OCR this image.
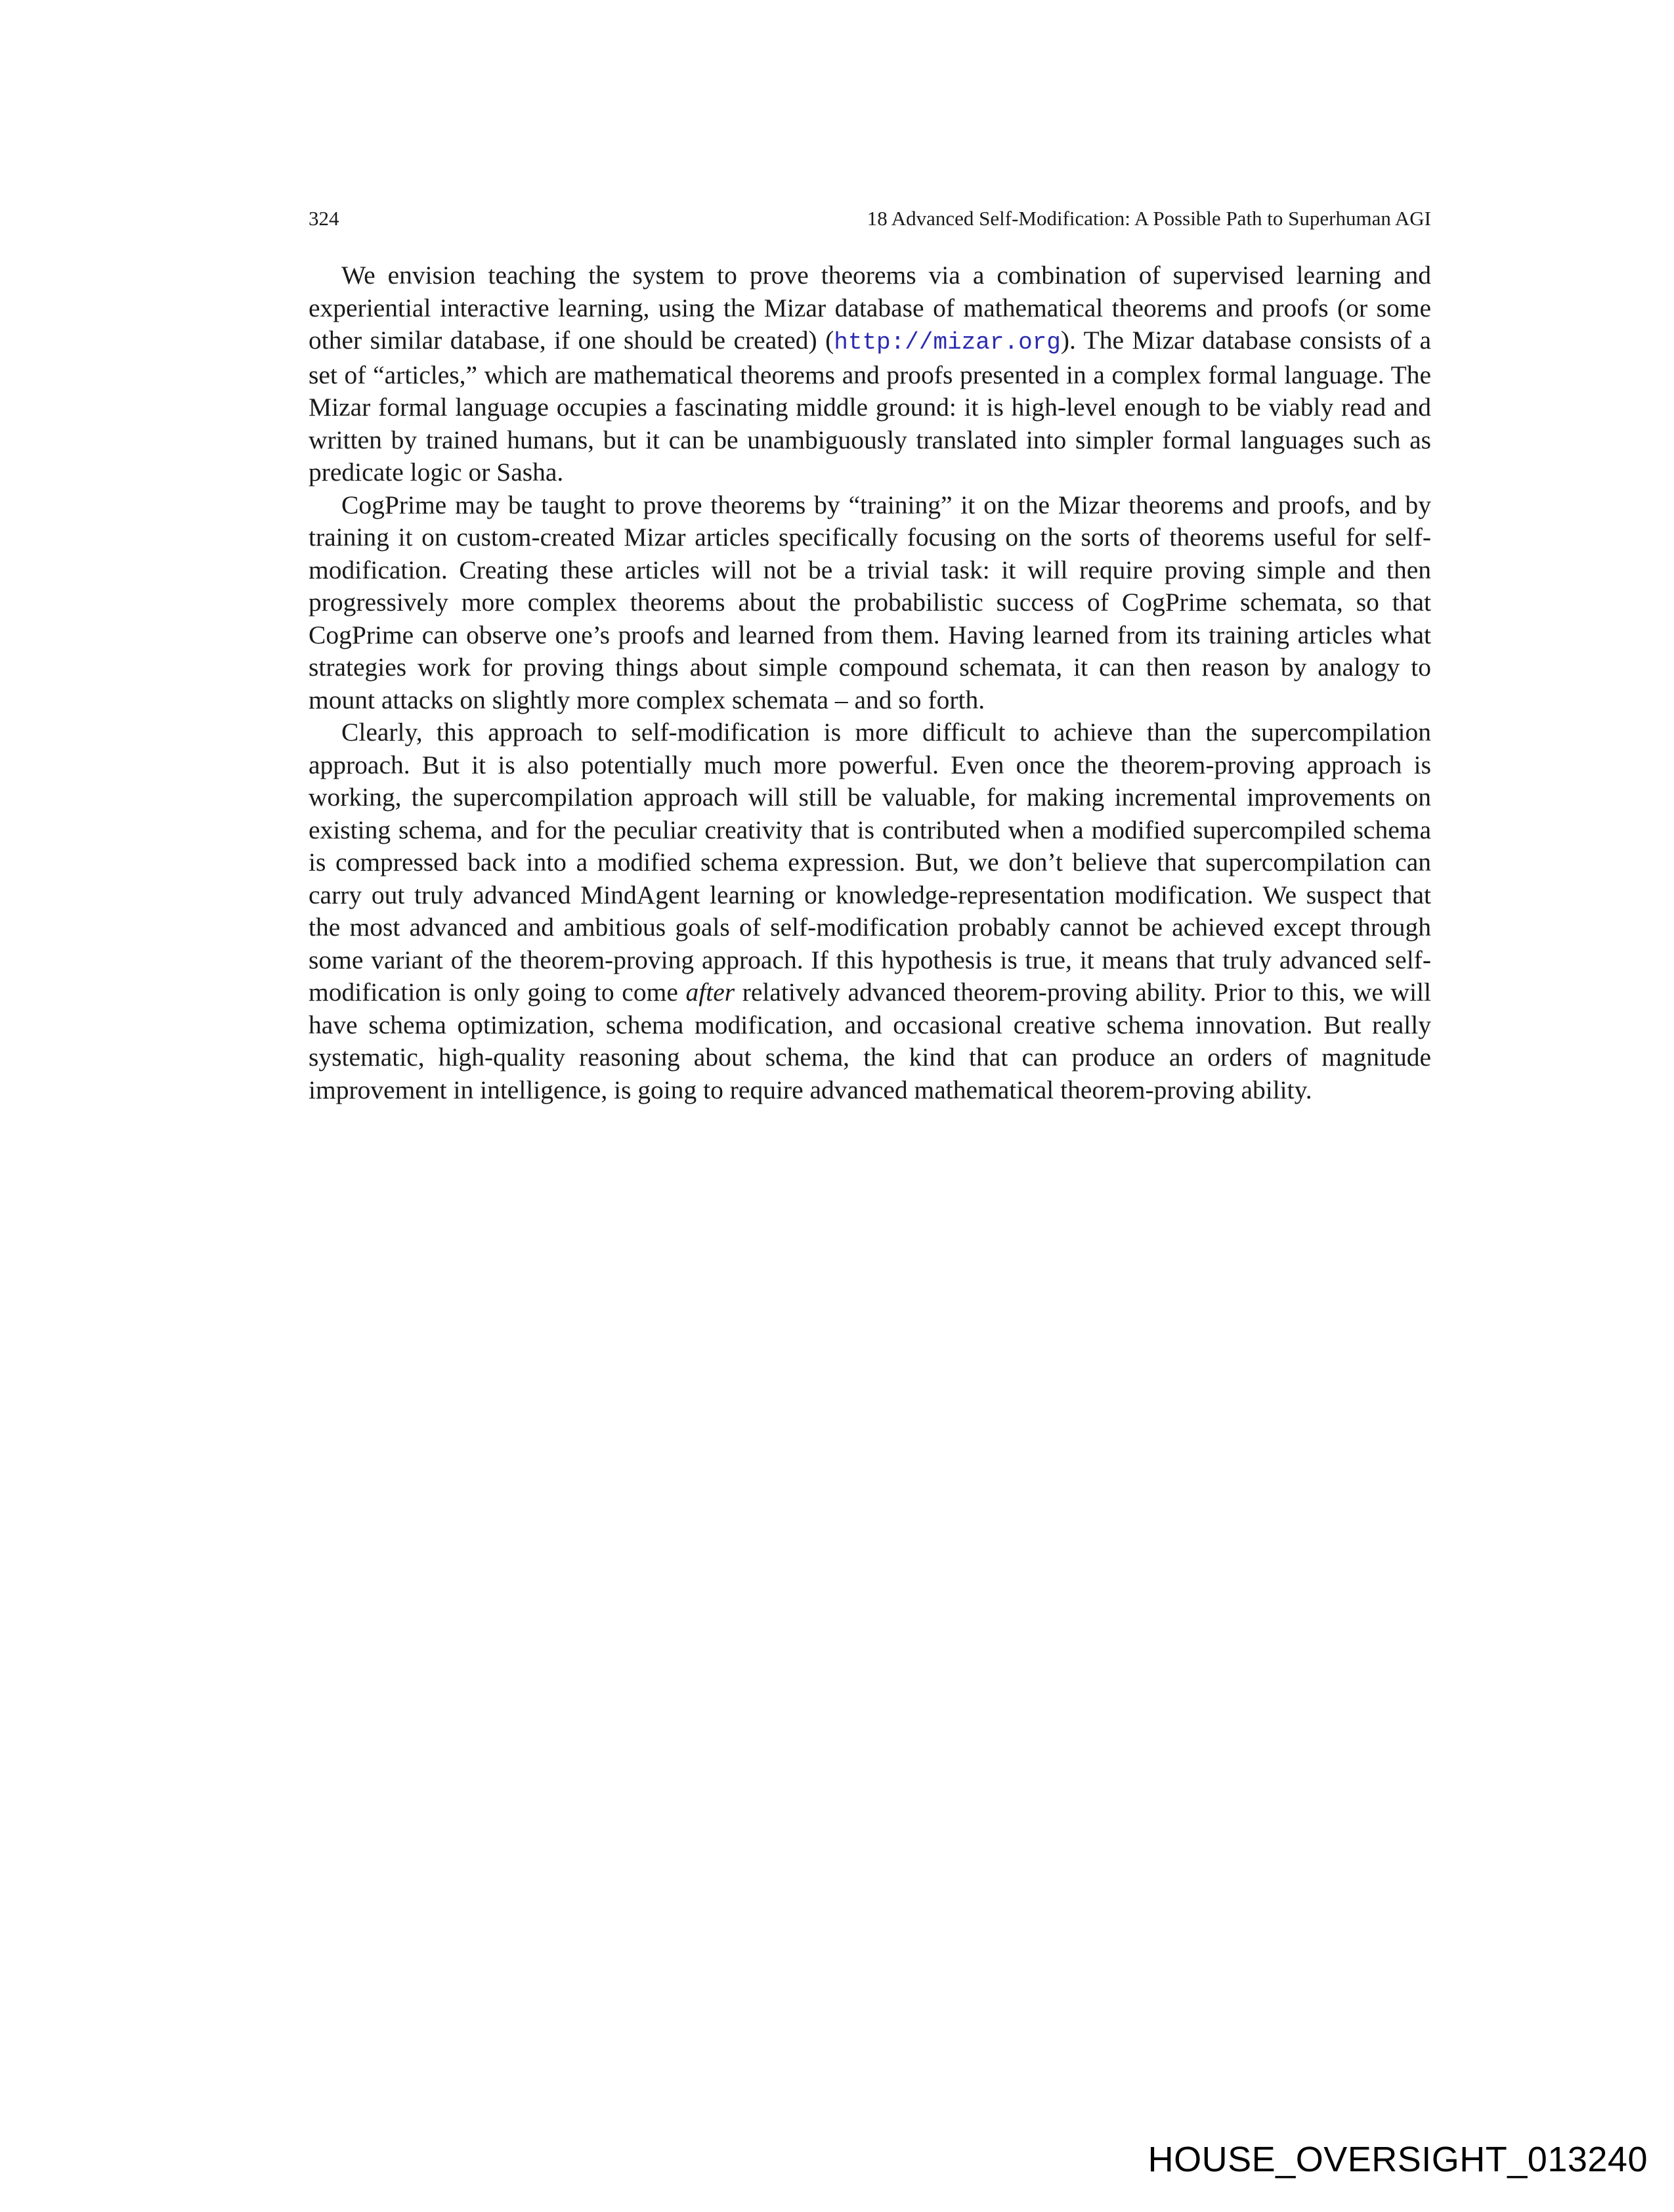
324	18 Advanced Self-Modification: A Possible Path to Superhuman AGI

We envision teaching the system to prove theorems via a combination of supervised learning and experiential interactive learning, using the Mizar database of mathematical theorems and proofs (or some other similar database, if one should be created) (http://mizar.org). The Mizar database consists of a set of “articles,” which are mathematical theorems and proofs presented in a complex formal language. The Mizar formal language occupies a fascinating middle ground: it is high-level enough to be viably read and written by trained humans, but it can be unambiguously translated into simpler formal languages such as predicate logic or Sasha.

CogPrime may be taught to prove theorems by “training” it on the Mizar theorems and proofs, and by training it on custom-created Mizar articles specifically focusing on the sorts of theorems useful for self-modification. Creating these articles will not be a trivial task: it will require proving simple and then progressively more complex theorems about the probabilistic success of CogPrime schemata, so that CogPrime can observe one’s proofs and learned from them. Having learned from its training articles what strategies work for proving things about simple compound schemata, it can then reason by analogy to mount attacks on slightly more complex schemata – and so forth.

Clearly, this approach to self-modification is more difficult to achieve than the supercompilation approach. But it is also potentially much more powerful. Even once the theorem-proving approach is working, the supercompilation approach will still be valuable, for making incremental improvements on existing schema, and for the peculiar creativity that is contributed when a modified supercompiled schema is compressed back into a modified schema expression. But, we don’t believe that supercompilation can carry out truly advanced MindAgent learning or knowledge-representation modification. We suspect that the most advanced and ambitious goals of self-modification probably cannot be achieved except through some variant of the theorem-proving approach. If this hypothesis is true, it means that truly advanced self-modification is only going to come after relatively advanced theorem-proving ability. Prior to this, we will have schema optimization, schema modification, and occasional creative schema innovation. But really systematic, high-quality reasoning about schema, the kind that can produce an orders of magnitude improvement in intelligence, is going to require advanced mathematical theorem-proving ability.

HOUSE_OVERSIGHT_013240
